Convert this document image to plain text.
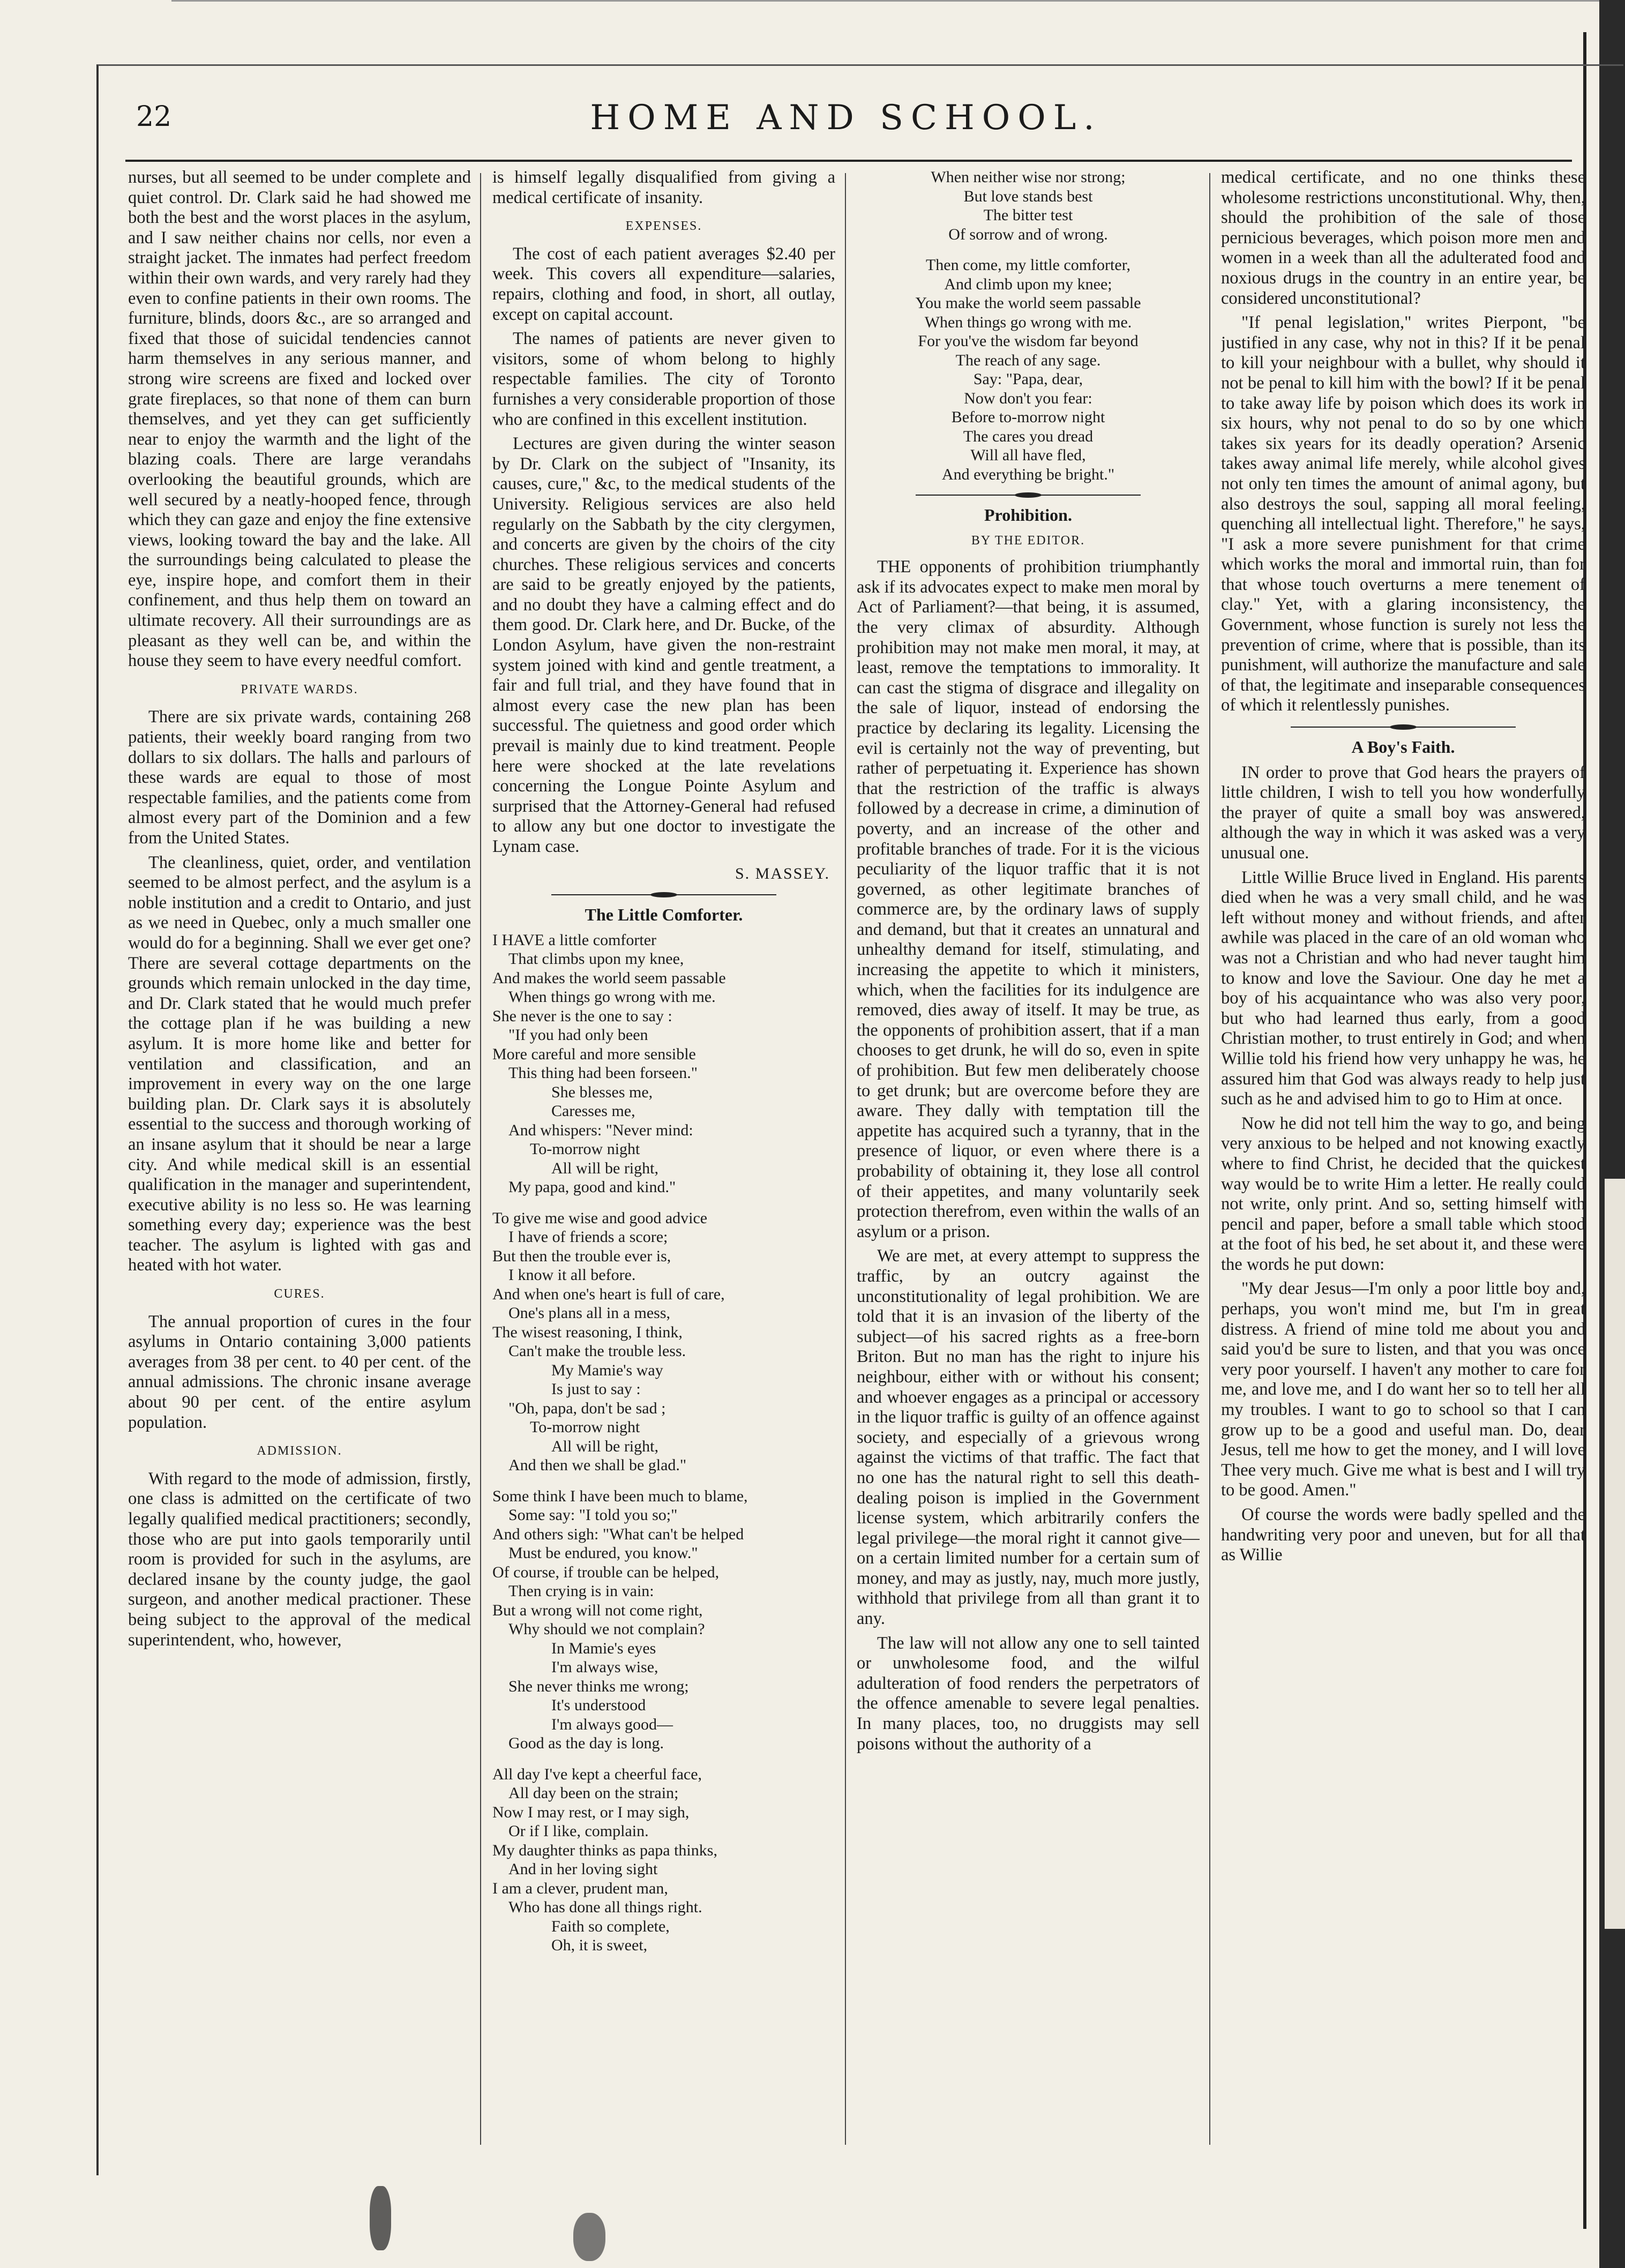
22	HOME AND SCHOOL.

nurses, but all seemed to be under complete and quiet control. Dr. Clark said he had showed me both the best and the worst places in the asylum, and I saw neither chains nor cells, nor even a straight jacket. The inmates had perfect freedom within their own wards, and very rarely had they even to confine patients in their own rooms. The furniture, blinds, doors &c., are so arranged and fixed that those of suicidal tendencies cannot harm themselves in any serious manner, and strong wire screens are fixed and locked over grate fireplaces, so that none of them can burn themselves, and yet they can get sufficiently near to enjoy the warmth and the light of the blazing coals. There are large verandahs overlooking the beautiful grounds, which are well secured by a neatly-hooped fence, through which they can gaze and enjoy the fine extensive views, looking toward the bay and the lake. All the surroundings being calculated to please the eye, inspire hope, and comfort them in their confinement, and thus help them on toward an ultimate recovery. All their surroundings are as pleasant as they well can be, and within the house they seem to have every needful comfort.

PRIVATE WARDS.

There are six private wards, containing 268 patients, their weekly board ranging from two dollars to six dollars. The halls and parlours of these wards are equal to those of most respectable families, and the patients come from almost every part of the Dominion and a few from the United States.

The cleanliness, quiet, order, and ventilation seemed to be almost perfect, and the asylum is a noble institution and a credit to Ontario, and just as we need in Quebec, only a much smaller one would do for a beginning. Shall we ever get one? There are several cottage departments on the grounds which remain unlocked in the day time, and Dr. Clark stated that he would much prefer the cottage plan if he was building a new asylum. It is more home like and better for ventilation and classification, and an improvement in every way on the one large building plan. Dr. Clark says it is absolutely essential to the success and thorough working of an insane asylum that it should be near a large city. And while medical skill is an essential qualification in the manager and superintendent, executive ability is no less so. He was learning something every day; experience was the best teacher. The asylum is lighted with gas and heated with hot water.

CURES.

The annual proportion of cures in the four asylums in Ontario containing 3,000 patients averages from 38 per cent. to 40 per cent. of the annual admissions. The chronic insane average about 90 per cent. of the entire asylum population.

ADMISSION.

With regard to the mode of admission, firstly, one class is admitted on the certificate of two legally qualified medical practitioners; secondly, those who are put into gaols temporarily until room is provided for such in the asylums, are declared insane by the county judge, the gaol surgeon, and another medical practioner. These being subject to the approval of the medical superintendent, who, however,

is himself legally disqualified from giving a medical certificate of insanity.

EXPENSES.

The cost of each patient averages $2.40 per week. This covers all expenditure—salaries, repairs, clothing and food, in short, all outlay, except on capital account.

The names of patients are never given to visitors, some of whom belong to highly respectable families. The city of Toronto furnishes a very considerable proportion of those who are confined in this excellent institution.

Lectures are given during the winter season by Dr. Clark on the subject of "Insanity, its causes, cure," &c, to the medical students of the University. Religious services are also held regularly on the Sabbath by the city clergymen, and concerts are given by the choirs of the city churches. These religious services and concerts are said to be greatly enjoyed by the patients, and no doubt they have a calming effect and do them good. Dr. Clark here, and Dr. Bucke, of the London Asylum, have given the non-restraint system joined with kind and gentle treatment, a fair and full trial, and they have found that in almost every case the new plan has been successful. The quietness and good order which prevail is mainly due to kind treatment. People here were shocked at the late revelations concerning the Longue Pointe Asylum and surprised that the Attorney-General had refused to allow any but one doctor to investigate the Lynam case.

S. MASSEY.
The Little Comforter.
I HAVE a little comforter
That climbs upon my knee,
And makes the world seem passable
When things go wrong with me.
She never is the one to say :
"If you had only been
More careful and more sensible
This thing had been forseen."
She blesses me,
Caresses me,
And whispers: "Never mind:
To-morrow night
All will be right,
My papa, good and kind."
To give me wise and good advice
I have of friends a score;
But then the trouble ever is,
I know it all before.
And when one's heart is full of care,
One's plans all in a mess,
The wisest reasoning, I think,
Can't make the trouble less.
My Mamie's way
Is just to say :
"Oh, papa, don't be sad ;
To-morrow night
All will be right,
And then we shall be glad."
Some think I have been much to blame,
Some say: "I told you so;"
And others sigh: "What can't be helped
Must be endured, you know."
Of course, if trouble can be helped,
Then crying is in vain:
But a wrong will not come right,
Why should we not complain?
In Mamie's eyes
I'm always wise,
She never thinks me wrong;
It's understood
I'm always good—
Good as the day is long.
All day I've kept a cheerful face,
All day been on the strain;
Now I may rest, or I may sigh,
Or if I like, complain.
My daughter thinks as papa thinks,
And in her loving sight
I am a clever, prudent man,
Who has done all things right.
Faith so complete,
Oh, it is sweet,
When neither wise nor strong;
But love stands best
The bitter test
Of sorrow and of wrong.
Then come, my little comforter,
And climb upon my knee;
You make the world seem passable
When things go wrong with me.
For you've the wisdom far beyond
The reach of any sage.
Say: "Papa, dear,
Now don't you fear:
Before to-morrow night
The cares you dread
Will all have fled,
And everything be bright."
Prohibition.
BY THE EDITOR.

THE opponents of prohibition triumphantly ask if its advocates expect to make men moral by Act of Parliament?—that being, it is assumed, the very climax of absurdity. Although prohibition may not make men moral, it may, at least, remove the temptations to immorality. It can cast the stigma of disgrace and illegality on the sale of liquor, instead of endorsing the practice by declaring its legality. Licensing the evil is certainly not the way of preventing, but rather of perpetuating it. Experience has shown that the restriction of the traffic is always followed by a decrease in crime, a diminution of poverty, and an increase of the other and profitable branches of trade. For it is the vicious peculiarity of the liquor traffic that it is not governed, as other legitimate branches of commerce are, by the ordinary laws of supply and demand, but that it creates an unnatural and unhealthy demand for itself, stimulating, and increasing the appetite to which it ministers, which, when the facilities for its indulgence are removed, dies away of itself. It may be true, as the opponents of prohibition assert, that if a man chooses to get drunk, he will do so, even in spite of prohibition. But few men deliberately choose to get drunk; but are overcome before they are aware. They dally with temptation till the appetite has acquired such a tyranny, that in the presence of liquor, or even where there is a probability of obtaining it, they lose all control of their appetites, and many voluntarily seek protection therefrom, even within the walls of an asylum or a prison.

We are met, at every attempt to suppress the traffic, by an outcry against the unconstitutionality of legal prohibition. We are told that it is an invasion of the liberty of the subject—of his sacred rights as a free-born Briton. But no man has the right to injure his neighbour, either with or without his consent; and whoever engages as a principal or accessory in the liquor traffic is guilty of an offence against society, and especially of a grievous wrong against the victims of that traffic. The fact that no one has the natural right to sell this death-dealing poison is implied in the Government license system, which arbitrarily confers the legal privilege—the moral right it cannot give—on a certain limited number for a certain sum of money, and may as justly, nay, much more justly, withhold that privilege from all than grant it to any.

The law will not allow any one to sell tainted or unwholesome food, and the wilful adulteration of food renders the perpetrators of the offence amenable to severe legal penalties. In many places, too, no druggists may sell poisons without the authority of a

medical certificate, and no one thinks these wholesome restrictions unconstitutional. Why, then, should the prohibition of the sale of those pernicious beverages, which poison more men and women in a week than all the adulterated food and noxious drugs in the country in an entire year, be considered unconstitutional?

"If penal legislation," writes Pierpont, "be justified in any case, why not in this? If it be penal to kill your neighbour with a bullet, why should it not be penal to kill him with the bowl? If it be penal to take away life by poison which does its work in six hours, why not penal to do so by one which takes six years for its deadly operation? Arsenic takes away animal life merely, while alcohol gives not only ten times the amount of animal agony, but also destroys the soul, sapping all moral feeling, quenching all intellectual light. Therefore," he says, "I ask a more severe punishment for that crime which works the moral and immortal ruin, than for that whose touch overturns a mere tenement of clay." Yet, with a glaring inconsistency, the Government, whose function is surely not less the prevention of crime, where that is possible, than its punishment, will authorize the manufacture and sale of that, the legitimate and inseparable consequences of which it relentlessly punishes.

A Boy's Faith.

IN order to prove that God hears the prayers of little children, I wish to tell you how wonderfully the prayer of quite a small boy was answered, although the way in which it was asked was a very unusual one.

Little Willie Bruce lived in England. His parents died when he was a very small child, and he was left without money and without friends, and after awhile was placed in the care of an old woman who was not a Christian and who had never taught him to know and love the Saviour. One day he met a boy of his acquaintance who was also very poor, but who had learned thus early, from a good Christian mother, to trust entirely in God; and when Willie told his friend how very unhappy he was, he assured him that God was always ready to help just such as he and advised him to go to Him at once.

Now he did not tell him the way to go, and being very anxious to be helped and not knowing exactly where to find Christ, he decided that the quickest way would be to write Him a letter. He really could not write, only print. And so, setting himself with pencil and paper, before a small table which stood at the foot of his bed, he set about it, and these were the words he put down:

"My dear Jesus—I'm only a poor little boy and, perhaps, you won't mind me, but I'm in great distress. A friend of mine told me about you and said you'd be sure to listen, and that you was once very poor yourself. I haven't any mother to care for me, and love me, and I do want her so to tell her all my troubles. I want to go to school so that I can grow up to be a good and useful man. Do, dear Jesus, tell me how to get the money, and I will love Thee very much. Give me what is best and I will try to be good. Amen."

Of course the words were badly spelled and the handwriting very poor and uneven, but for all that as Willie
